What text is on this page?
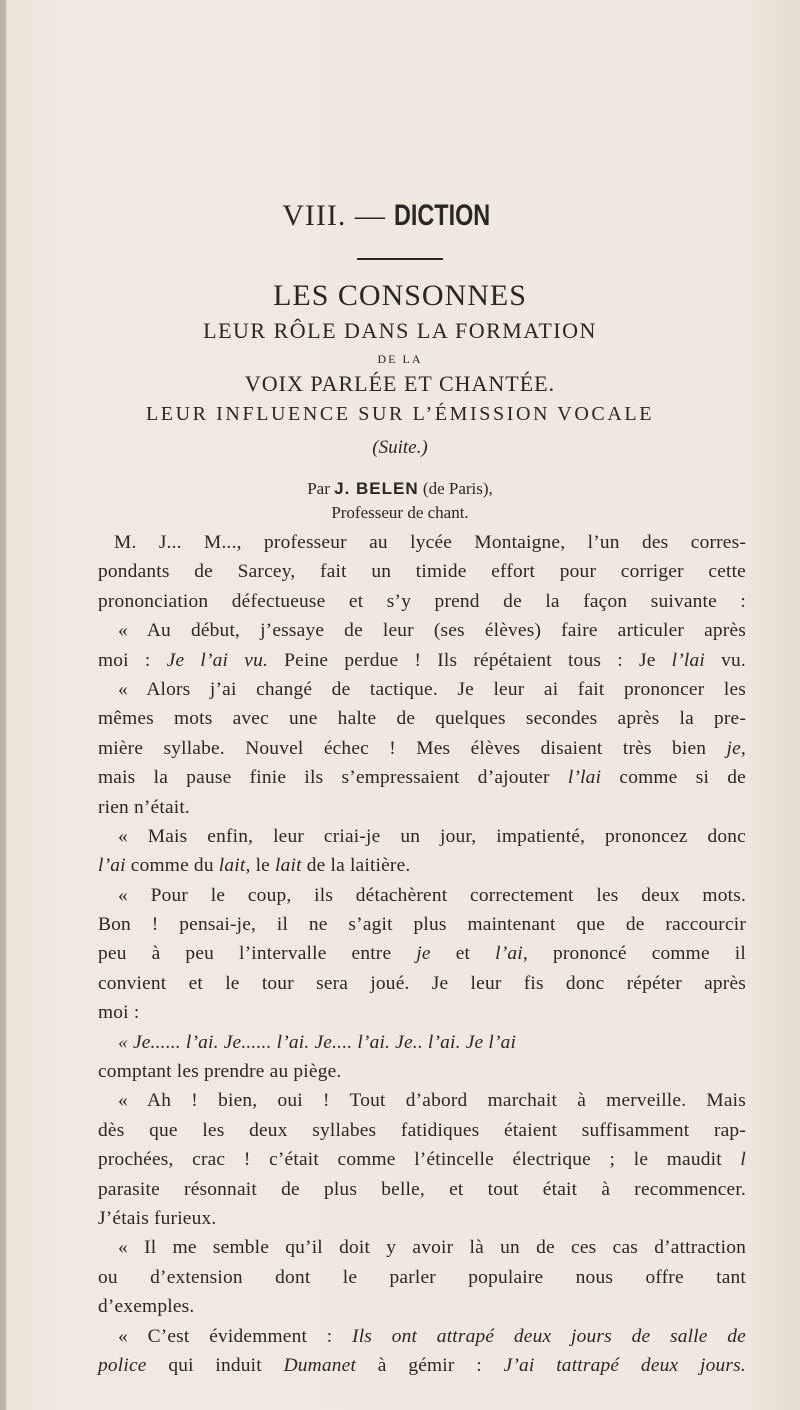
VIII. — DICTION
LES CONSONNES
LEUR RÔLE DANS LA FORMATION
DE LA
VOIX PARLÉE ET CHANTÉE.
LEUR INFLUENCE SUR L’ÉMISSION VOCALE
(Suite.)
Par J. BELEN (de Paris),
Professeur de chant.
M. J... M..., professeur au lycée Montaigne, l’un des corres-
pondants de Sarcey, fait un timide effort pour corriger cette
prononciation défectueuse et s’y prend de la façon suivante :
« Au début, j’essaye de leur (ses élèves) faire articuler après
moi : Je l’ai vu. Peine perdue ! Ils répétaient tous : Je l’lai vu.
« Alors j’ai changé de tactique. Je leur ai fait prononcer les
mêmes mots avec une halte de quelques secondes après la pre-
mière syllabe. Nouvel échec ! Mes élèves disaient très bien je,
mais la pause finie ils s’empressaient d’ajouter l’lai comme si de
rien n’était.
« Mais enfin, leur criai-je un jour, impatienté, prononcez donc
l’ai comme du lait, le lait de la laitière.
« Pour le coup, ils détachèrent correctement les deux mots.
Bon ! pensai-je, il ne s’agit plus maintenant que de raccourcir
peu à peu l’intervalle entre je et l’ai, prononcé comme il
convient et le tour sera joué. Je leur fis donc répéter après
moi :
« Je...... l’ai. Je...... l’ai. Je.... l’ai. Je.. l’ai. Je l’ai
comptant les prendre au piège.
« Ah ! bien, oui ! Tout d’abord marchait à merveille. Mais
dès que les deux syllabes fatidiques étaient suffisamment rap-
prochées, crac ! c’était comme l’étincelle électrique ; le maudit l
parasite résonnait de plus belle, et tout était à recommencer.
J’étais furieux.
« Il me semble qu’il doit y avoir là un de ces cas d’attraction
ou d’extension dont le parler populaire nous offre tant
d’exemples.
« C’est évidemment : Ils ont attrapé deux jours de salle de
police qui induit Dumanet à gémir : J’ai tattrapé deux jours.
